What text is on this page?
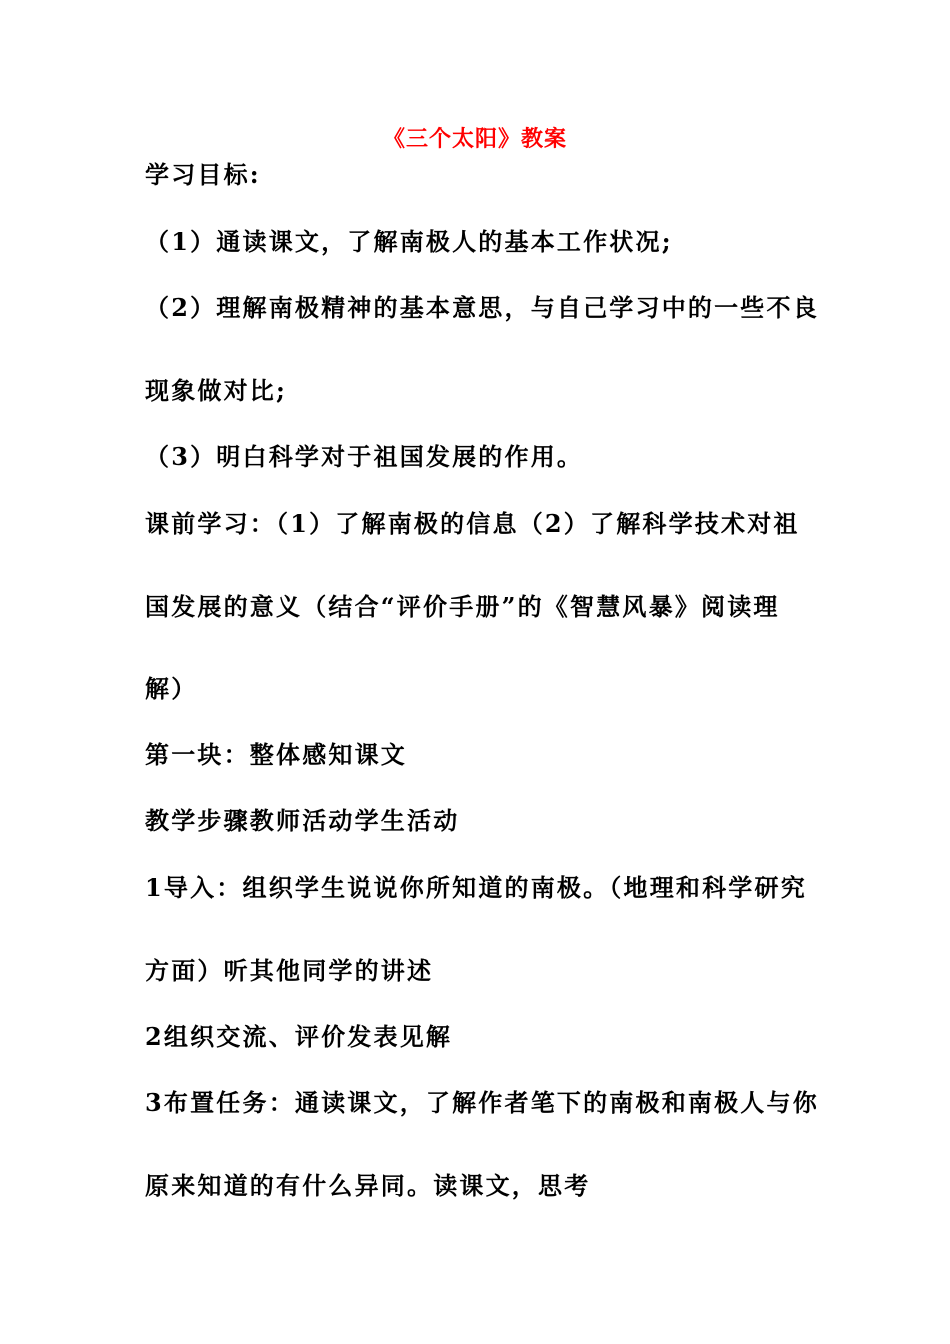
《三个太阳》教案
学习目标:
（1）通读课文，了解南极人的基本工作状况;
（2）理解南极精神的基本意思，与自己学习中的一些不良
现象做对比;
（3）明白科学对于祖国发展的作用。
课前学习：（1）了解南极的信息（2）了解科学技术对祖
国发展的意义（结合“评价手册”的《智慧风暴》阅读理
解）
第一块：整体感知课文
教学步骤教师活动学生活动
1导入：组织学生说说你所知道的南极。（地理和科学研究
方面）听其他同学的讲述
2组织交流、评价发表见解
3布置任务：通读课文，了解作者笔下的南极和南极人与你
原来知道的有什么异同。读课文，思考
